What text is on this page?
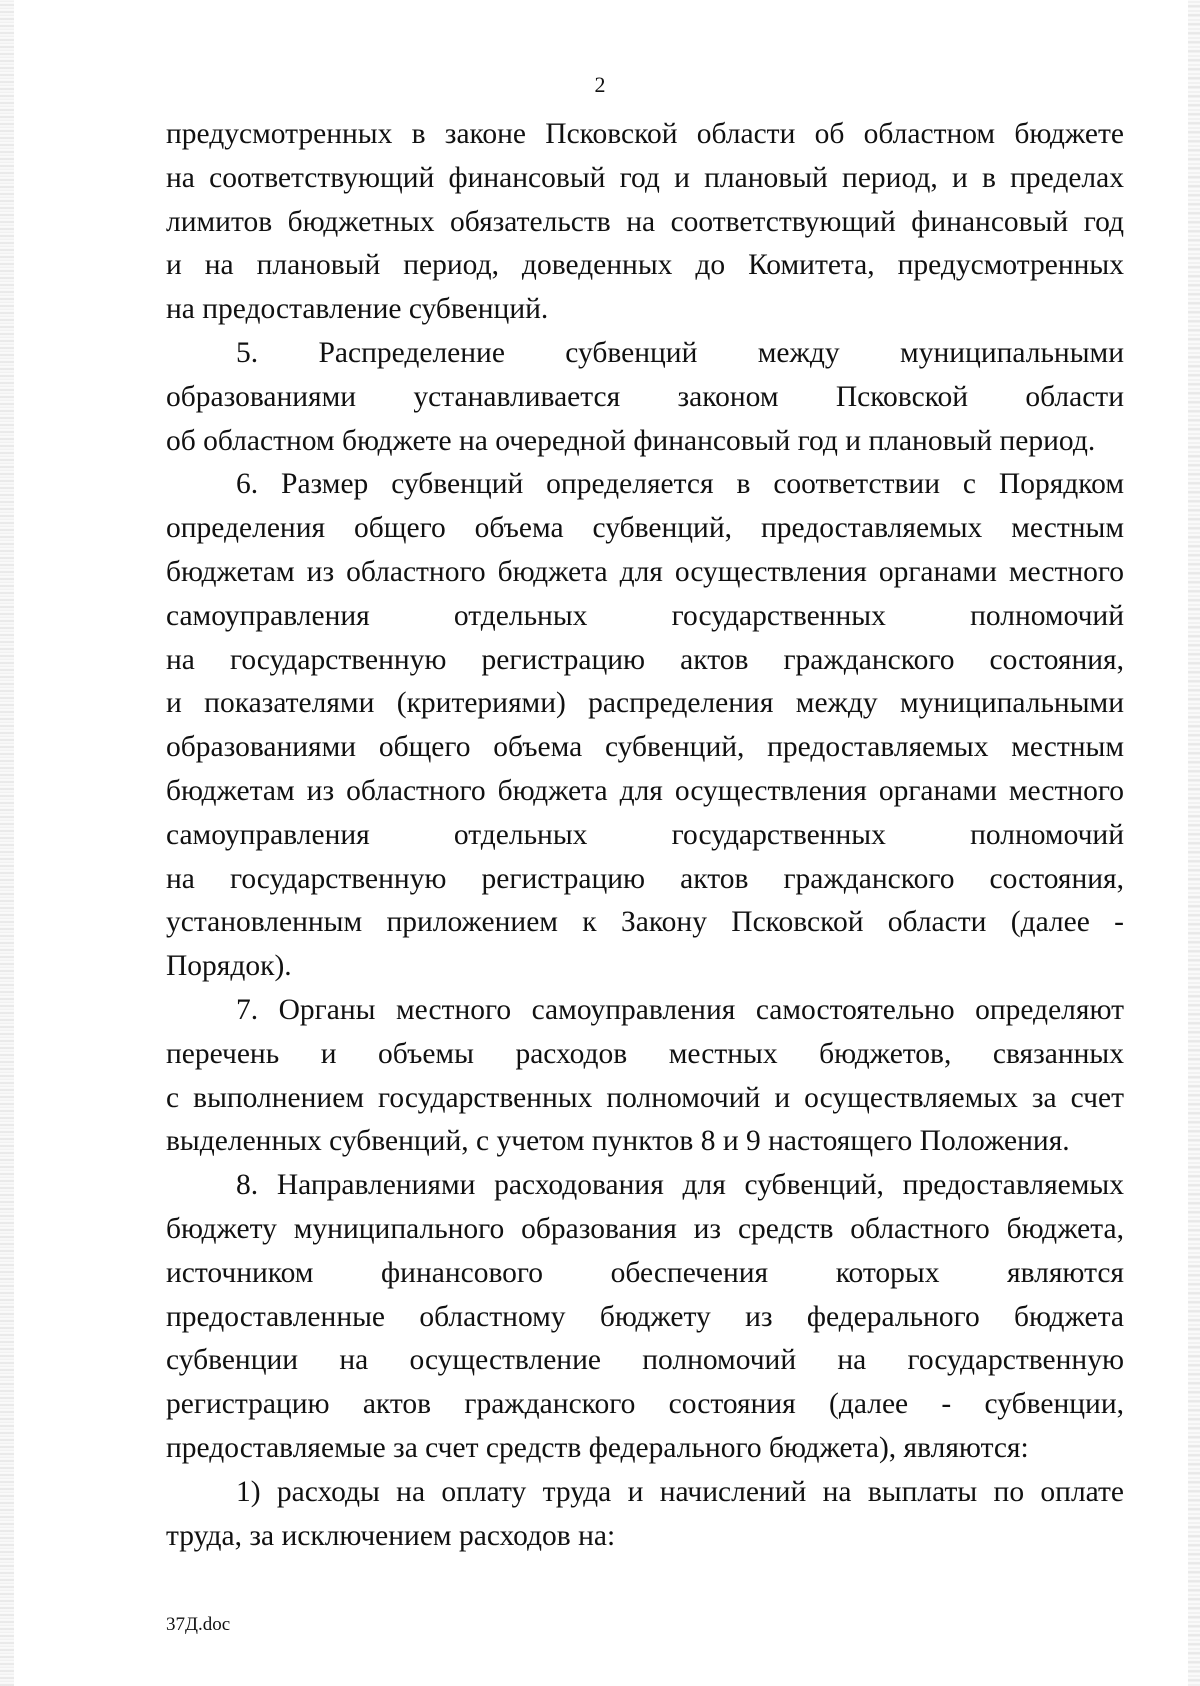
2
предусмотренных в законе Псковской области об областном бюджете
на соответствующий финансовый год и плановый период, и в пределах
лимитов бюджетных обязательств на соответствующий финансовый год
и на плановый период, доведенных до Комитета, предусмотренных
на предоставление субвенций.
5. Распределение субвенций между муниципальными
образованиями устанавливается законом Псковской области
об областном бюджете на очередной финансовый год и плановый период.
6. Размер субвенций определяется в соответствии с Порядком
определения общего объема субвенций, предоставляемых местным
бюджетам из областного бюджета для осуществления органами местного
самоуправления отдельных государственных полномочий
на государственную регистрацию актов гражданского состояния,
и показателями (критериями) распределения между муниципальными
образованиями общего объема субвенций, предоставляемых местным
бюджетам из областного бюджета для осуществления органами местного
самоуправления отдельных государственных полномочий
на государственную регистрацию актов гражданского состояния,
установленным приложением к Закону Псковской области (далее -
Порядок).
7. Органы местного самоуправления самостоятельно определяют
перечень и объемы расходов местных бюджетов, связанных
с выполнением государственных полномочий и осуществляемых за счет
выделенных субвенций, с учетом пунктов 8 и 9 настоящего Положения.
8. Направлениями расходования для субвенций, предоставляемых
бюджету муниципального образования из средств областного бюджета,
источником финансового обеспечения которых являются
предоставленные областному бюджету из федерального бюджета
субвенции на осуществление полномочий на государственную
регистрацию актов гражданского состояния (далее - субвенции,
предоставляемые за счет средств федерального бюджета), являются:
1) расходы на оплату труда и начислений на выплаты по оплате
труда, за исключением расходов на:
37Д.doc
